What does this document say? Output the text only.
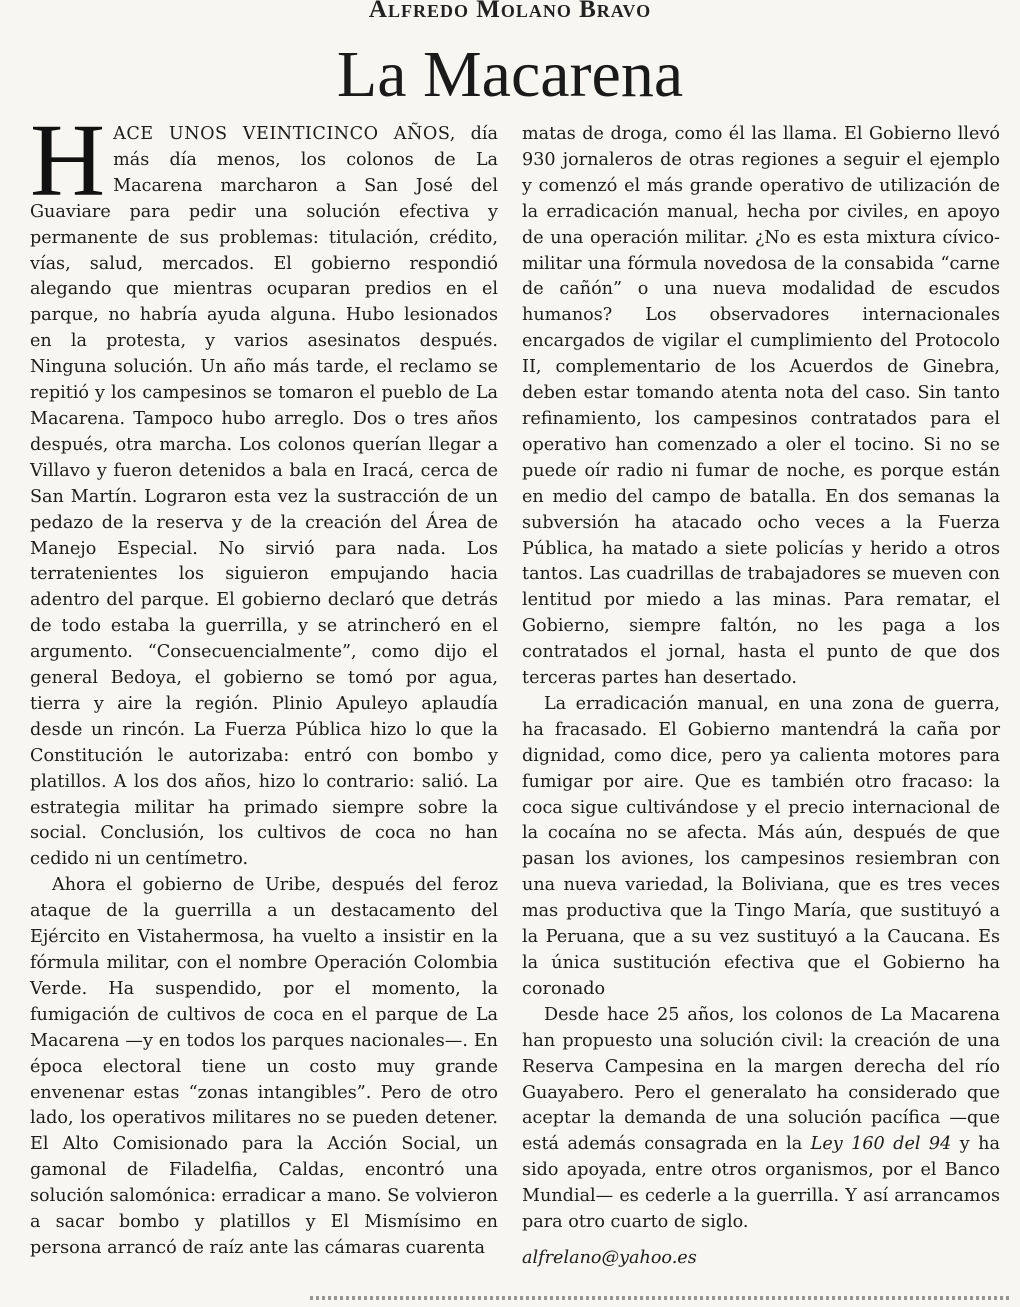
Alfredo Molano Bravo
La Macarena

HACE UNOS VEINTICINCO AÑOS, día más día menos, los colonos de La Macarena marcharon a San José del Guaviare para pedir una solución efectiva y permanente de sus problemas: titulación, crédito, vías, salud, mercados. El gobierno respondió alegando que mientras ocuparan predios en el parque, no habría ayuda alguna. Hubo lesionados en la protesta, y varios asesinatos después. Ninguna solución. Un año más tarde, el reclamo se repitió y los campesinos se tomaron el pueblo de La Macarena. Tampoco hubo arreglo. Dos o tres años después, otra marcha. Los colonos querían llegar a Villavo y fueron detenidos a bala en Iracá, cerca de San Martín. Lograron esta vez la sustracción de un pedazo de la reserva y de la creación del Área de Manejo Especial. No sirvió para nada. Los terratenientes los siguieron empujando hacia adentro del parque. El gobierno declaró que detrás de todo estaba la guerrilla, y se atrincheró en el argumento. “Consecuencialmente”, como dijo el general Bedoya, el gobierno se tomó por agua, tierra y aire la región. Plinio Apuleyo aplaudía desde un rincón. La Fuerza Pública hizo lo que la Constitución le autorizaba: entró con bombo y platillos. A los dos años, hizo lo contrario: salió. La estrategia militar ha primado siempre sobre la social. Conclusión, los cultivos de coca no han cedido ni un centímetro.

Ahora el gobierno de Uribe, después del feroz ataque de la guerrilla a un destacamento del Ejército en Vistahermosa, ha vuelto a insistir en la fórmula militar, con el nombre Operación Colombia Verde. Ha suspendido, por el momento, la fumigación de cultivos de coca en el parque de La Macarena —y en todos los parques nacionales—. En época electoral tiene un costo muy grande envenenar estas “zonas intangibles”. Pero de otro lado, los operativos militares no se pueden detener. El Alto Comisionado para la Acción Social, un gamonal de Filadelfia, Caldas, encontró una solución salomónica: erradicar a mano. Se volvieron a sacar bombo y platillos y El Mismísimo en persona arrancó de raíz ante las cámaras cuarenta

matas de droga, como él las llama. El Gobierno llevó 930 jornaleros de otras regiones a seguir el ejemplo y comenzó el más grande operativo de utilización de la erradicación manual, hecha por civiles, en apoyo de una operación militar. ¿No es esta mixtura cívico-militar una fórmula novedosa de la consabida “carne de cañón” o una nueva modalidad de escudos humanos? Los observadores internacionales encargados de vigilar el cumplimiento del Protocolo II, complementario de los Acuerdos de Ginebra, deben estar tomando atenta nota del caso. Sin tanto refinamiento, los campesinos contratados para el operativo han comenzado a oler el tocino. Si no se puede oír radio ni fumar de noche, es porque están en medio del campo de batalla. En dos semanas la subversión ha atacado ocho veces a la Fuerza Pública, ha matado a siete policías y herido a otros tantos. Las cuadrillas de trabajadores se mueven con lentitud por miedo a las minas. Para rematar, el Gobierno, siempre faltón, no les paga a los contratados el jornal, hasta el punto de que dos terceras partes han desertado.

La erradicación manual, en una zona de guerra, ha fracasado. El Gobierno mantendrá la caña por dignidad, como dice, pero ya calienta motores para fumigar por aire. Que es también otro fracaso: la coca sigue cultivándose y el precio internacional de la cocaína no se afecta. Más aún, después de que pasan los aviones, los campesinos resiembran con una nueva variedad, la Boliviana, que es tres veces mas productiva que la Tingo María, que sustituyó a la Peruana, que a su vez sustituyó a la Caucana. Es la única sustitución efectiva que el Gobierno ha coronado

Desde hace 25 años, los colonos de La Macarena han propuesto una solución civil: la creación de una Reserva Campesina en la margen derecha del río Guayabero. Pero el generalato ha considerado que aceptar la demanda de una solución pacífica —que está además consagrada en la Ley 160 del 94 y ha sido apoyada, entre otros organismos, por el Banco Mundial— es cederle a la guerrilla. Y así arrancamos para otro cuarto de siglo.

alfrelano@yahoo.es
